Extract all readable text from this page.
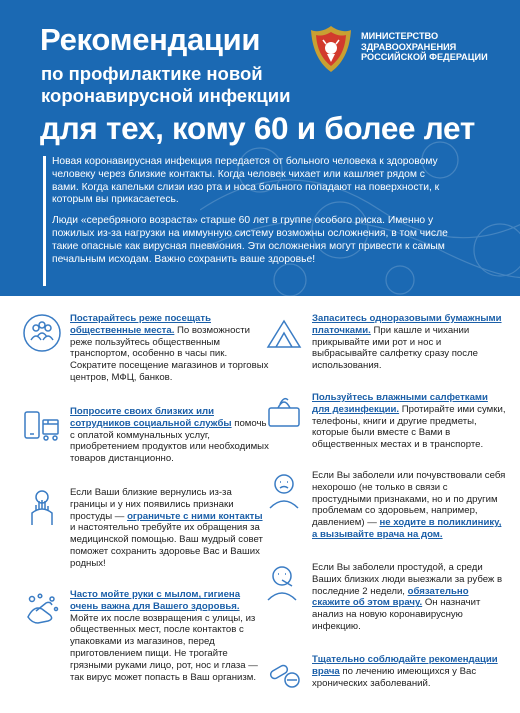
Рекомендации
по профилактике новой коронавирусной инфекции
для тех, кому 60 и более лет
МИНИСТЕРСТВО
ЗДРАВООХРАНЕНИЯ
РОССИЙСКОЙ ФЕДЕРАЦИИ

Новая коронавирусная инфекция передается от больного человека к здоровому человеку через близкие контакты. Когда человек чихает или кашляет рядом с вами. Когда капельки слизи изо рта и носа больного попадают на поверхности, к которым вы прикасаетесь.

Люди «серебряного возраста» старше 60 лет в группе особого риска. Именно у пожилых из-за нагрузки на иммунную систему возможны осложнения, в том числе такие опасные как вирусная пневмония. Эти осложнения могут привести к самым печальным исходам. Важно сохранить ваше здоровье!

Постарайтесь реже посещать общественные места. По возможности реже пользуйтесь общественным транспортом, особенно в часы пик. Сократите посещение магазинов и торговых центров, МФЦ, банков.
Попросите своих близких или сотрудников социальной службы помочь с оплатой коммунальных услуг, приобретением продуктов или необходимых товаров дистанционно.
Если Ваши близкие вернулись из-за границы и у них появились признаки простуды — ограничьте с ними контакты и настоятельно требуйте их обращения за медицинской помощью. Ваш мудрый совет поможет сохранить здоровье Вас и Ваших родных!
Часто мойте руки с мылом, гигиена очень важна для Вашего здоровья. Мойте их после возвращения с улицы, из общественных мест, после контактов с упаковками из магазинов, перед приготовлением пищи. Не трогайте грязными руками лицо, рот, нос и глаза — так вирус может попасть в Ваш организм.
Запаситесь одноразовыми бумажными платочками. При кашле и чихании прикрывайте ими рот и нос и выбрасывайте салфетку сразу после использования.
Пользуйтесь влажными салфетками для дезинфекции. Протирайте ими сумки, телефоны, книги и другие предметы, которые были вместе с Вами в общественных местах и в транспорте.
Если Вы заболели или почувствовали себя нехорошо (не только в связи с простудными признаками, но и по другим проблемам со здоровьем, например, давлением) — не ходите в поликлинику, а вызывайте врача на дом.
Если Вы заболели простудой, а среди Ваших близких люди выезжали за рубеж в последние 2 недели, обязательно скажите об этом врачу. Он назначит анализ на новую коронавирусную инфекцию.
Тщательно соблюдайте рекомендации врача по лечению имеющихся у Вас хронических заболеваний.
